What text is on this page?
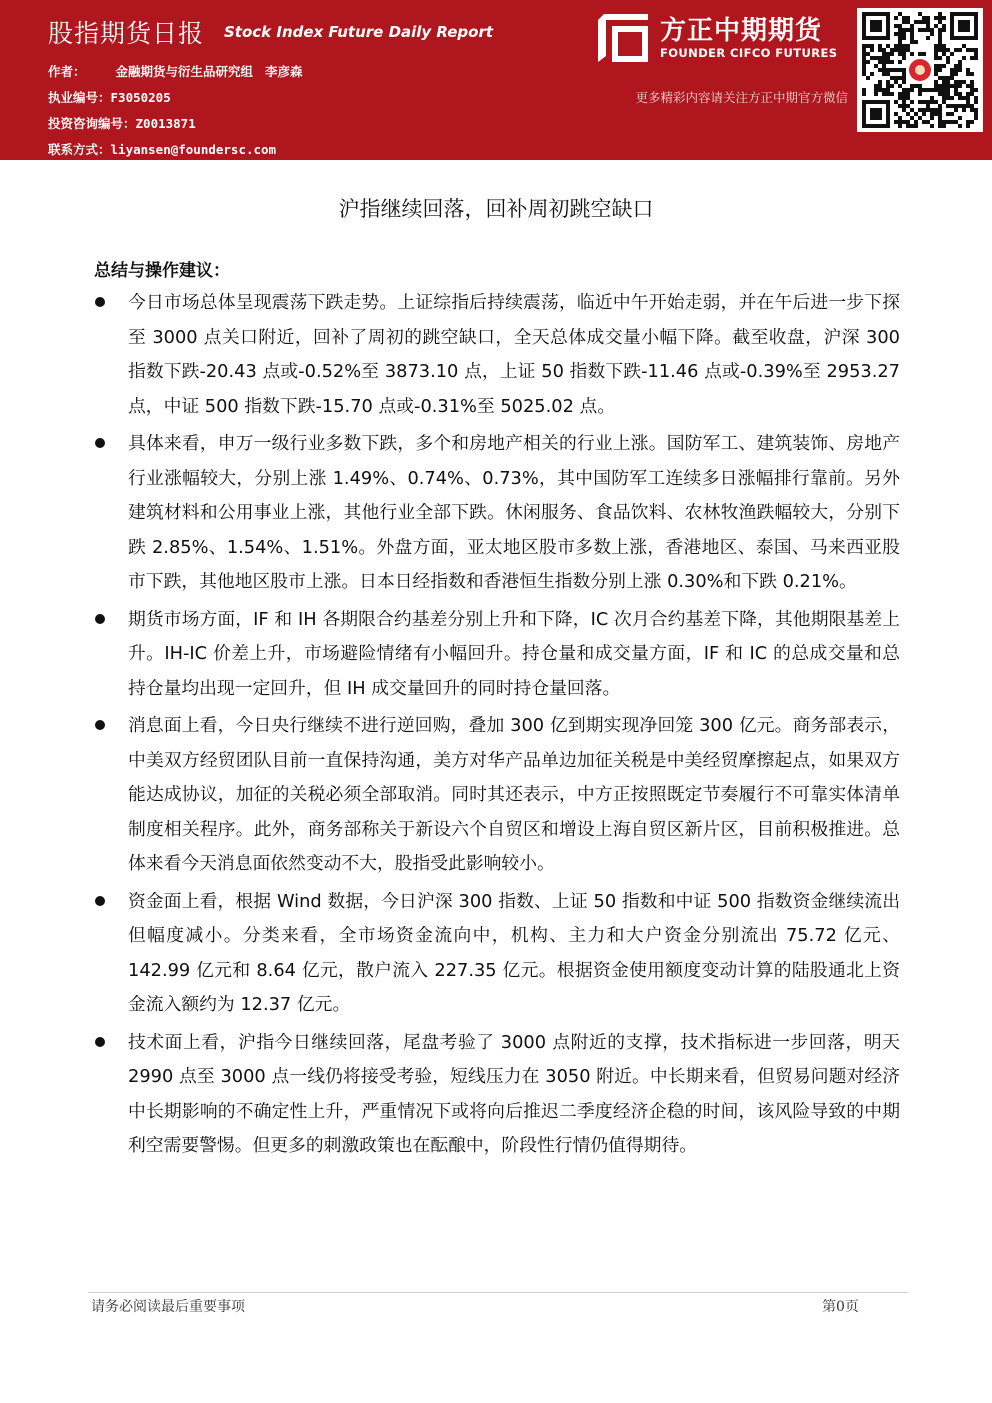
股指期货日报 Stock Index Future Daily Report
作者： 金融期货与衍生品研究组 李彦森
执业编号：F3050205
投资咨询编号：Z0013871
联系方式：liyansen@foundersc.com
方正中期期货
FOUNDER CIFCO FUTURES
更多精彩内容请关注方正中期官方微信
沪指继续回落，回补周初跳空缺口
总结与操作建议：
今日市场总体呈现震荡下跌走势。上证综指后持续震荡，临近中午开始走弱，并在午后进一步下探至 3000 点关口附近，回补了周初的跳空缺口，全天总体成交量小幅下降。截至收盘，沪深 300 指数下跌-20.43 点或-0.52%至 3873.10 点，上证 50 指数下跌-11.46 点或-0.39%至 2953.27 点，中证 500 指数下跌-15.70 点或-0.31%至 5025.02 点。
具体来看，申万一级行业多数下跌，多个和房地产相关的行业上涨。国防军工、建筑装饰、房地产行业涨幅较大，分别上涨 1.49%、0.74%、0.73%，其中国防军工连续多日涨幅排行靠前。另外建筑材料和公用事业上涨，其他行业全部下跌。休闲服务、食品饮料、农林牧渔跌幅较大，分别下跌 2.85%、1.54%、1.51%。外盘方面，亚太地区股市多数上涨，香港地区、泰国、马来西亚股市下跌，其他地区股市上涨。日本日经指数和香港恒生指数分别上涨 0.30%和下跌 0.21%。
期货市场方面，IF 和 IH 各期限合约基差分别上升和下降，IC 次月合约基差下降，其他期限基差上升。IH-IC 价差上升，市场避险情绪有小幅回升。持仓量和成交量方面，IF 和 IC 的总成交量和总持仓量均出现一定回升，但 IH 成交量回升的同时持仓量回落。
消息面上看，今日央行继续不进行逆回购，叠加 300 亿到期实现净回笼 300 亿元。商务部表示，中美双方经贸团队目前一直保持沟通，美方对华产品单边加征关税是中美经贸摩擦起点，如果双方能达成协议，加征的关税必须全部取消。同时其还表示，中方正按照既定节奏履行不可靠实体清单制度相关程序。此外，商务部称关于新设六个自贸区和增设上海自贸区新片区，目前积极推进。总体来看今天消息面依然变动不大，股指受此影响较小。
资金面上看，根据 Wind 数据，今日沪深 300 指数、上证 50 指数和中证 500 指数资金继续流出但幅度减小。分类来看，全市场资金流向中，机构、主力和大户资金分别流出 75.72 亿元、142.99 亿元和 8.64 亿元，散户流入 227.35 亿元。根据资金使用额度变动计算的陆股通北上资金流入额约为 12.37 亿元。
技术面上看，沪指今日继续回落，尾盘考验了 3000 点附近的支撑，技术指标进一步回落，明天 2990 点至 3000 点一线仍将接受考验，短线压力在 3050 附近。中长期来看，但贸易问题对经济中长期影响的不确定性上升，严重情况下或将向后推迟二季度经济企稳的时间，该风险导致的中期利空需要警惕。但更多的刺激政策也在酝酿中，阶段性行情仍值得期待。
请务必阅读最后重要事项	第0页
